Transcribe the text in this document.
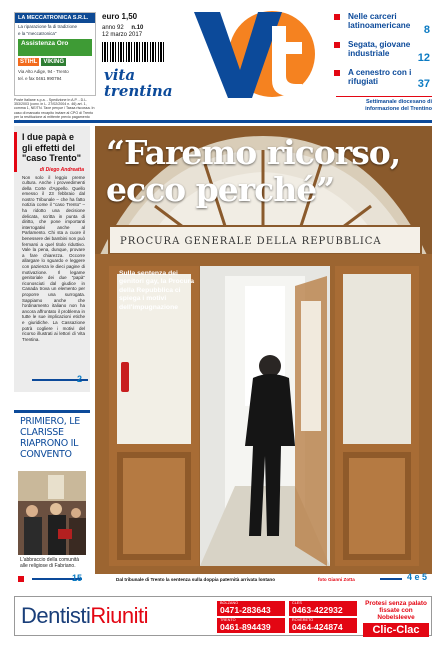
LA MECCATRONICA S.R.L.
La riparazione fa di tradizione
e la "meccatronica"
Assistenza Oro
STIHL	VIKING
Via Alto Adige, 94 - Trento
tel. e fax 0461 990794
euro 1,50
anno 92 n.10
12 marzo 2017
Poste Italiane s.p.a. - Spedizione in A.P. - D.L. 353/2003 (conv. in L. 27/02/2004 n. 46) art. 1, comma 1, NE/TN. Taxe perçue / Tassa riscossa. In caso di mancato recapito inviare al CPO di Trento per la restituzione al mittente previo pagamento
vita
trentina
Nelle carceri latinoamericane	8
Segata, giovane industriale	12
A cenestro con i rifugiati	37
Settimanale diocesano di informazione del Trentino
I due papà e gli effetti del "caso Trento"
di Diego Andreatta
Non solo il leggio preme cultura. Anche i provvedimenti della Corte d'Appello. Quello emesso il 23 febbraio dal nostro Tribunale – che ha fatto notizia come il "caso Trento" – ha ridotto una decisione delicata, scritta in punta di diritto, che pone importanti interrogativi anche al Parlamento. Chi sta a cuore il benessere dei bambini non può fermarsi a quel titolo riduttivo. Vale la pena, dunque, provare a fare chiarezza. Occorre allargare lo sguardo e leggere con pazienza le dieci pagine di motivazione. Il legame genitoriale dei due "papà" riconosciuti dal giudice in Canada trova un elemento per proporre una surrogata. Sappiamo anche che l'ordinamento italiano non ha ancora affrontato il problema in tutte le sue implicazioni etiche e giuridiche. La Cassazione potrà cogliere i motivi del ricorso illustrati ai lettori di Vita Trentina.
2
PRIMIERO, LE CLARISSE RIAPRONO IL CONVENTO
L'abbraccio della comunità alle religiose di Fabriano.
15
“Faremo ricorso,
ecco perché”
PROCURA GENERALE DELLA REPUBBLICA
Sulla sentenza dei genitori gay, la Procura della Repubblica ci spiega i motivi dell'impugnazione
Dal tribunale di Trento la sentenza sulla doppia paternità arrivata lontano	foto Gianni Zotta	4 e 5
DentistiRiuniti	BOLZANO
0471-283643
CLES
0463-422932
TRENTO
0461-894439
ROVERETO
0464-424874
Protesi senza palato fissate con Nobelsleeve
Clic-Clac
